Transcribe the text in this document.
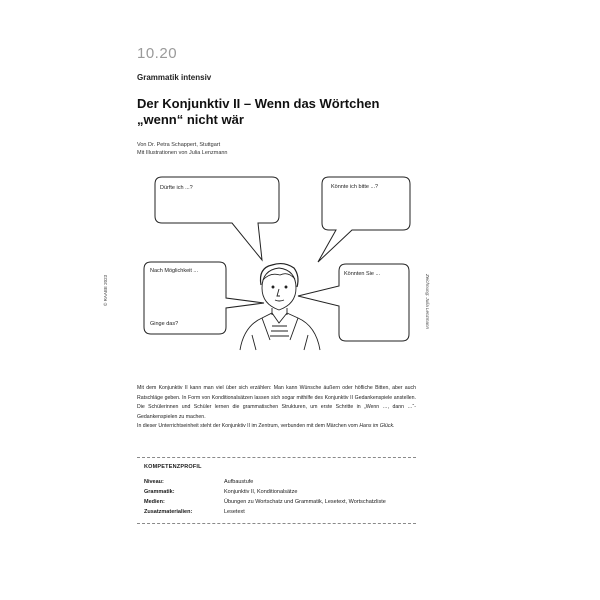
10.20
Grammatik intensiv
Der Konjunktiv II – Wenn das Wörtchen
„wenn“ nicht wär
Von Dr. Petra Schappert, Stuttgart
Mit Illustrationen von Julia Lenzmann
© RAABE 2023	Zeichnung: Julia Lenzmann
Dürfte ich ...?	Könnte ich bitte ...?
Nach Möglichkeit ...
Ginge das?
Könnten Sie ...

Mit dem Konjunktiv II kann man viel über sich erzählen: Man kann Wünsche äußern oder höfliche Bitten, aber auch Ratschläge geben. In Form von Konditionalsätzen lassen sich sogar mithilfe des Konjunktiv II Gedankenspiele anstellen. Die Schülerinnen und Schüler lernen die grammatischen Strukturen, um erste Schritte in „Wenn …, dann …“-Gedankenspielen zu machen.

In dieser Unterrichtseinheit steht der Konjunktiv II im Zentrum, verbunden mit dem Märchen vom Hans im Glück.

KOMPETENZPROFIL
Niveau:	Aufbaustufe
Grammatik:	Konjunktiv II, Konditionalsätze
Medien:	Übungen zu Wortschatz und Grammatik, Lesetext, Wortschatzliste
Zusatzmaterialien:	Lesetext
